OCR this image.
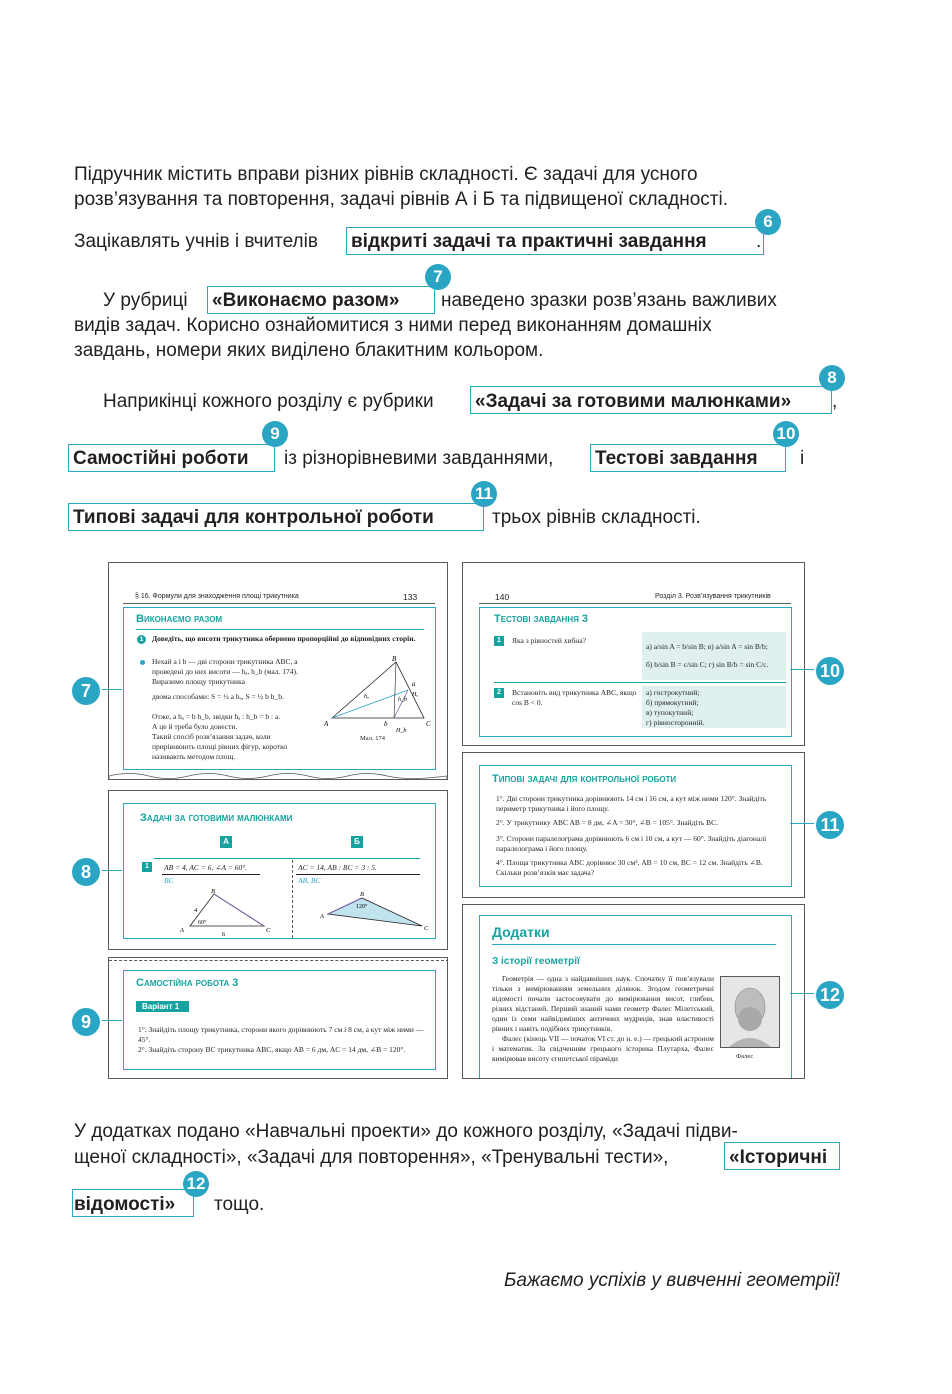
Підручник містить вправи різних рівнів складності. Є задачі для усного
розв’язування та повторення, задачі рівнів А і Б та підвищеної складності.
Зацікавлять учнів і вчителів відкриті задачі та практичні завдання	.
6
У рубриці «Виконаємо разом» наведено зразки розв’язань важливих
7
видів задач. Корисно ознайомитися з ними перед виконанням домашніх
завдань, номери яких виділено блакитним кольором.
Наприкінці кожного розділу є рубрики «Задачі за готовими малюнками» ,
8
Самостійні роботи
9
із різнорівневими завданнями, Тестові завдання
10
і
Типові задачі для контрольної роботи
11
трьох рівнів складності.
§ 16. Формули для знаходження площі трикутника	133
Виконаємо разом
1	Доведіть, що висоти трикутника обернено пропорційні до відповідних сторін.
Нехай a і b — дві сторони трикутника ABC, а проведені до них висоти — hₐ, h_b (мал. 174). Виразимо площу трикутника
двома способами: S = ½ a hₐ, S = ½ b h_b.
Отже, a hₐ = b h_b, звідки hₐ : h_b = b : a.
А це й треба було довести.
Такий спосіб розв’язання задач, коли прирівнюють площі рівних фігур, коротко називають методом площ.
B
A	C
a
b
hₐ	h_b
Hₐ
H_b
Мал. 174
Задачі за готовими малюнками
А	Б
1	AB = 4, AC = 6, ∠A = 60°.
BC
AC = 14, AB : BC = 3 : 5.
AB, BC
B
A	C
4
6
60°
B
A
C
120°
Самостійна робота 3
Варіант 1
1°. Знайдіть площу трикутника, сторони якого дорівнюють 7 см і 8 см, а кут між ними — 45°.
2°. Знайдіть сторону BC трикутника ABC, якщо AB = 6 дм, AC = 14 дм, ∠B = 120°.
140	Розділ 3. Розв’язування трикутників
Тестові завдання 3
1	Яка з рівностей хибна?
а) a/sin A = b/sin B; в) a/sin A = sin B/b;
б) b/sin B = c/sin C; г) sin B/b = sin C/c.
2	Встановіть вид трикутника ABC, якщо cos B < 0.
а) гострокутний;
б) прямокутний;
в) тупокутний;
г) рівносторонній.
Типові задачі для контрольної роботи
1°. Дві сторони трикутника дорівнюють 14 см і 16 см, а кут між ними 120°. Знайдіть периметр трикутника і його площу.
2°. У трикутнику ABC AB = 8 дм, ∠A = 30°, ∠B = 105°. Знайдіть BC.
3°. Сторони паралелограма дорівнюють 6 см і 10 см, а кут — 60°. Знайдіть діагоналі паралелограма і його площу.
4°. Площа трикутника ABC дорівнює 30 см², AB = 10 см, BC = 12 см. Знайдіть ∠B. Скільки розв’язків має задача?
Додатки
З історії геометрії
Геометрія — одна з найдавніших наук. Спочатку її пов’язували тільки з вимірюванням земельних ділянок. Згодом геометричні відомості почали застосовувати до вимірювання висот, глибин, різних відстаней. Перший знаний нами геометр Фалес Мілетський, один із семи найвідоміших античних мудреців, знав властивості рівних і навіть подібних трикутників.
Фалес (кінець VII — початок VI ст. до н. е.) — грецький астроном і математик. За свідченням грецького історика Плутарха, Фалес вимірював висоту єгипетської піраміди	Фалес
7
8
9
10
11
12
У додатках подано «Навчальні проекти» до кожного розділу, «Задачі підви-
щеної складності», «Задачі для повторення», «Тренувальні тести»,	«Історичні
відомості»
12
тощо.
Бажаємо успіхів у вивченні геометрії!
